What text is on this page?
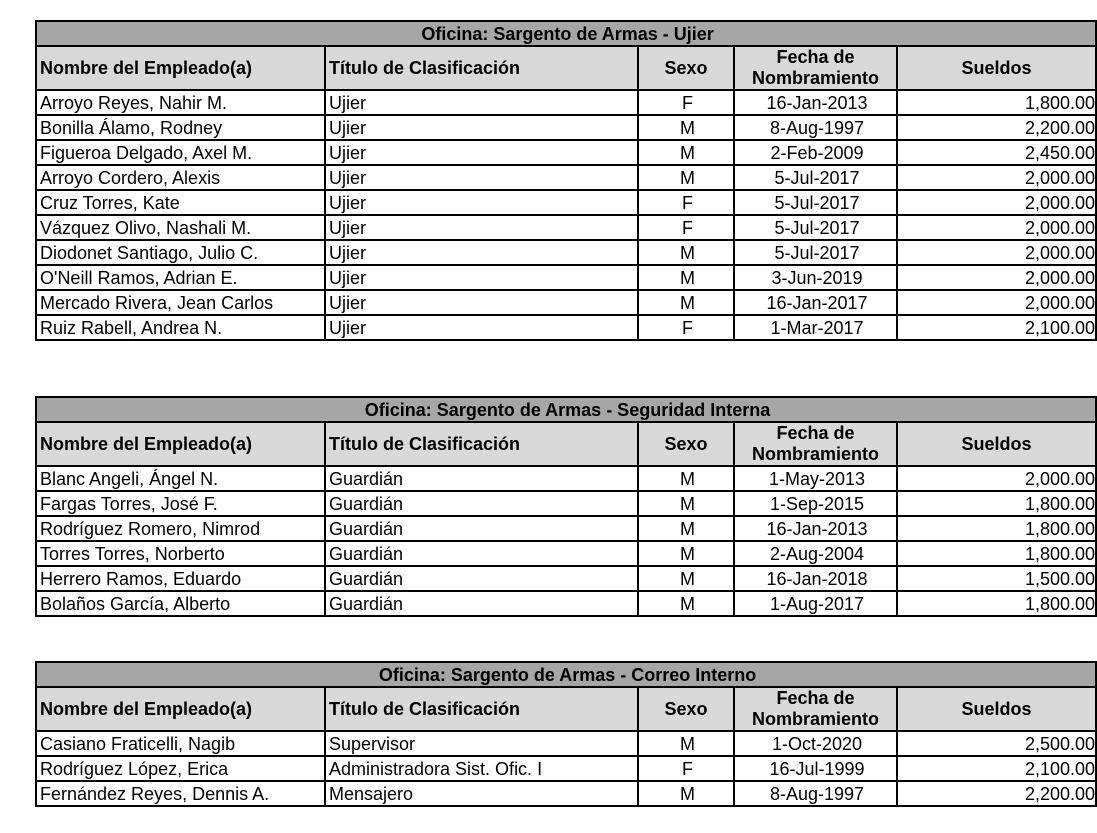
Oficina: Sargento de Armas - Ujier				
Nombre del Empleado(a)	Título de Clasificación	Sexo	Fecha de Nombramiento	Sueldos
Arroyo Reyes, Nahir M.	Ujier	F	16-Jan-2013	1,800.00
Bonilla Álamo, Rodney	Ujier	M	8-Aug-1997	2,200.00
Figueroa Delgado, Axel M.	Ujier	M	2-Feb-2009	2,450.00
Arroyo Cordero, Alexis	Ujier	M	5-Jul-2017	2,000.00
Cruz Torres, Kate	Ujier	F	5-Jul-2017	2,000.00
Vázquez Olivo, Nashali M.	Ujier	F	5-Jul-2017	2,000.00
Diodonet Santiago, Julio C.	Ujier	M	5-Jul-2017	2,000.00
O'Neill Ramos, Adrian E.	Ujier	M	3-Jun-2019	2,000.00
Mercado Rivera, Jean Carlos	Ujier	M	16-Jan-2017	2,000.00
Ruiz Rabell, Andrea N.	Ujier	F	1-Mar-2017	2,100.00
Oficina: Sargento de Armas - Seguridad Interna				
Nombre del Empleado(a)	Título de Clasificación	Sexo	Fecha de Nombramiento	Sueldos
Blanc Angeli, Ángel N.	Guardián	M	1-May-2013	2,000.00
Fargas Torres, José F.	Guardián	M	1-Sep-2015	1,800.00
Rodríguez Romero, Nimrod	Guardián	M	16-Jan-2013	1,800.00
Torres Torres, Norberto	Guardián	M	2-Aug-2004	1,800.00
Herrero Ramos, Eduardo	Guardián	M	16-Jan-2018	1,500.00
Bolaños García, Alberto	Guardián	M	1-Aug-2017	1,800.00
Oficina: Sargento de Armas - Correo Interno				
Nombre del Empleado(a)	Título de Clasificación	Sexo	Fecha de Nombramiento	Sueldos
Casiano Fraticelli, Nagib	Supervisor	M	1-Oct-2020	2,500.00
Rodríguez López, Erica	Administradora Sist. Ofic. I	F	16-Jul-1999	2,100.00
Fernández Reyes, Dennis A.	Mensajero	M	8-Aug-1997	2,200.00
